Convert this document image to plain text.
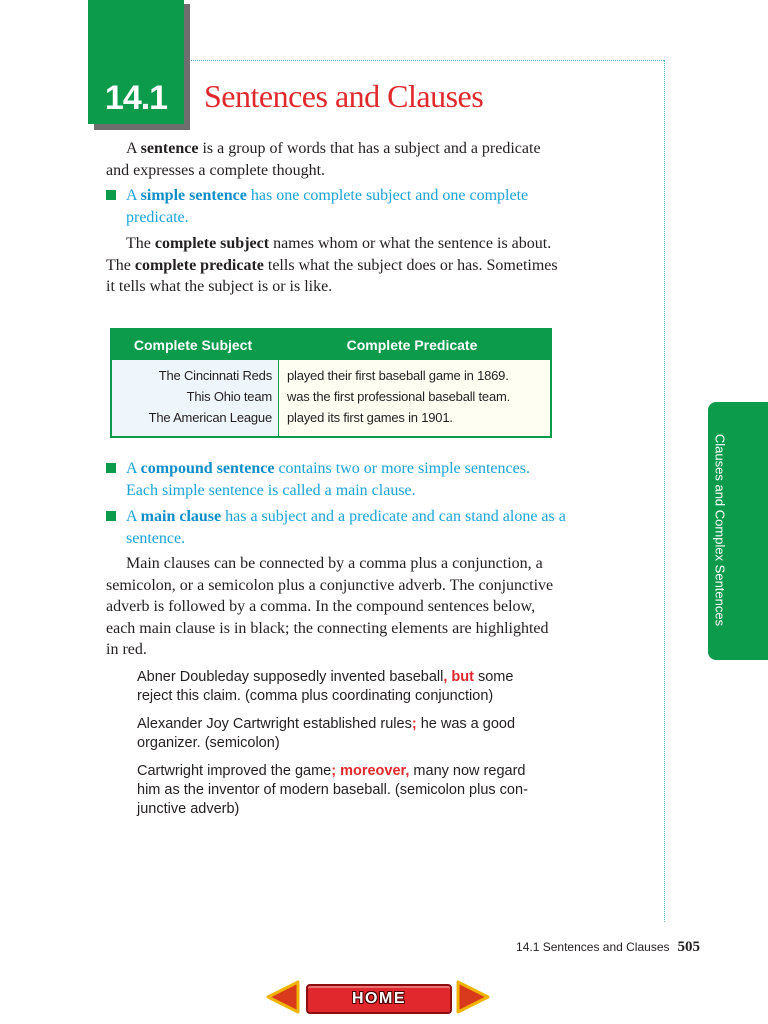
14.1	Sentences and Clauses

A sentence is a group of words that has a subject and a predicate and expresses a complete thought.

A simple sentence has one complete subject and one complete predicate.

The complete subject names whom or what the sentence is about. The complete predicate tells what the subject does or has. Sometimes it tells what the subject is or is like.

Complete Subject	Complete Predicate
The Cincinnati Reds
This Ohio team
The American League
played their first baseball game in 1869.
was the first professional baseball team.
played its first games in 1901.

A compound sentence contains two or more simple sentences. Each simple sentence is called a main clause.

A main clause has a subject and a predicate and can stand alone as a sentence.

Main clauses can be connected by a comma plus a conjunction, a semicolon, or a semicolon plus a conjunctive adverb. The conjunctive adverb is followed by a comma. In the compound sentences below, each main clause is in black; the connecting elements are highlighted in red.

Abner Doubleday supposedly invented baseball, but some reject this claim. (comma plus coordinating conjunction)

Alexander Joy Cartwright established rules; he was a good organizer. (semicolon)

Cartwright improved the game; moreover, many now regard him as the inventor of modern baseball. (semicolon plus con-junctive adverb)

Clauses and Complex Sentences
14.1 Sentences and Clauses 505
HOME
